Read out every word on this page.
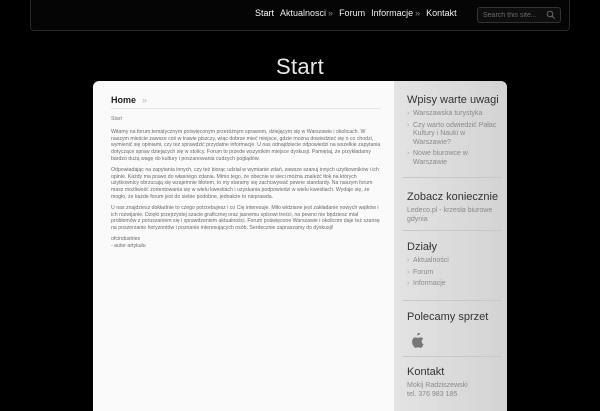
Start Aktualnosci » Forum Informacje » Kontakt
Search this site...
Start
Home »

Start

Witamy na forum tematycznym poświęconym przeróżnym sprawom, dziejącym się w Warszawie i okolicach. W naszym mieście zawsze coś w trawie piszczy, wiąc dobrze mieć miejsce, gdzie można dowiedzieć się o co chodzi, wymienić się opiniami, czy też sprawdzić przydatne informacje. U nas odnajdziecie odpowiedzi na wszelkie zapytania dotyczące spraw dziejących się w stolicy. Forum to przede wszystkim miejsce dyskusji. Pamiętaj, że przykładamy bardzo dużą wagę do kultury i poszanowania cudzych poglądów.

Odpowiadając na zapytania innych, czy też biorąc udział w wymianie zdań, zawsze szanuj innych użytkowników i ich opinie. Każdy ma prawo do własnego zdania. Mimo tego, że obecnie w sieci można znaleźć tłok na których użytkownicy obrzucają się wzajemnie błotem, to my staramy się zachowywać pewne standardy. Na naszym forum masz możliwość zorientowania się w wielu kwestiach i uzyskania podpowiedzi w wielu kwestiach. Wydaje się, że mogło, że każde forum jest do siebie podobne, jednakże to nieprawda.

U nas znajdziesz dokładnie to czego potrzebujesz i co Cię interesuje. Miło widziane jest zakładanie nowych wątków i ich rozwijanie. Dzięki przejrzystej szacie graficznej oraz jasnemu spisowi treści, na pewno nie będziesz miał problemów z poruszaniem się i sprawdzeniem aktualności. Forum poświęcone Warszawie i okolicom daje też szansę na poszerzanie horyzontów i poznanie interesujących osób. Serdecznie zapraszamy do dyskusji!

ofcindustries

- autor artykułu

Wpisy warte uwagi
› Warszawska turystyka
› Czy warto odwiedzić Pałac Kultury i Nauki w Warszawie?
› Nowe biurowce w Warszawie
Zobacz koniecznie
Ledeco.pl - krzesła biurowe gdynia
Działy
› Aktualności
› Forum
› Informacje
Polecamy sprzet
Kontakt
Mokij Radziszewski
tel. 376 983 185
